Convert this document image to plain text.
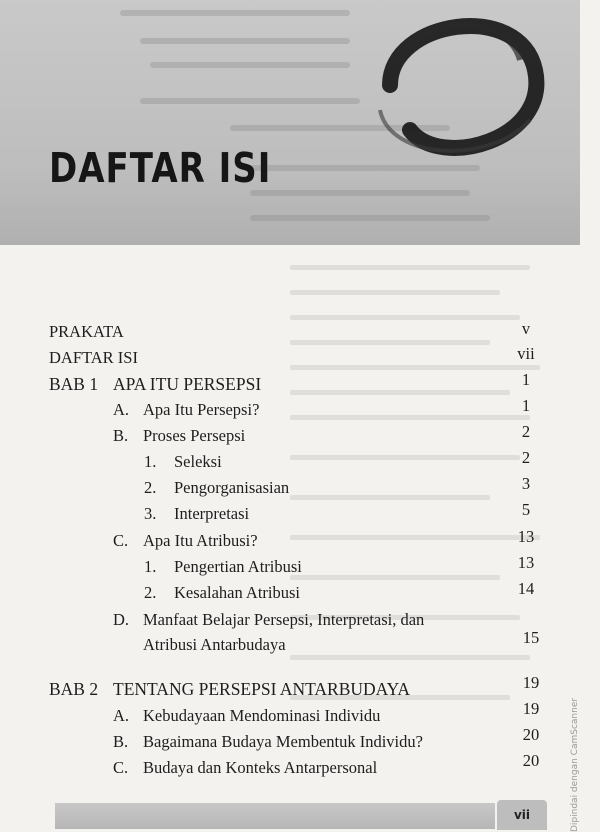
DAFTAR ISI
PRAKATA	v
DAFTAR ISI	vii
BAB 1 APA ITU PERSEPSI	1
A. Apa Itu Persepsi?	1
B. Proses Persepsi	2
1. Seleksi	2
2. Pengorganisasian	3
3. Interpretasi	5
C. Apa Itu Atribusi?	13
1. Pengertian Atribusi	13
2. Kesalahan Atribusi	14
D. Manfaat Belajar Persepsi, Interpretasi, dan Atribusi Antarbudaya	15
BAB 2 TENTANG PERSEPSI ANTARBUDAYA	19
A. Kebudayaan Mendominasi Individu	19
B. Bagaimana Budaya Membentuk Individu?	20
C. Budaya dan Konteks Antarpersonal	20
vii	Dipindai dengan CamScanner
